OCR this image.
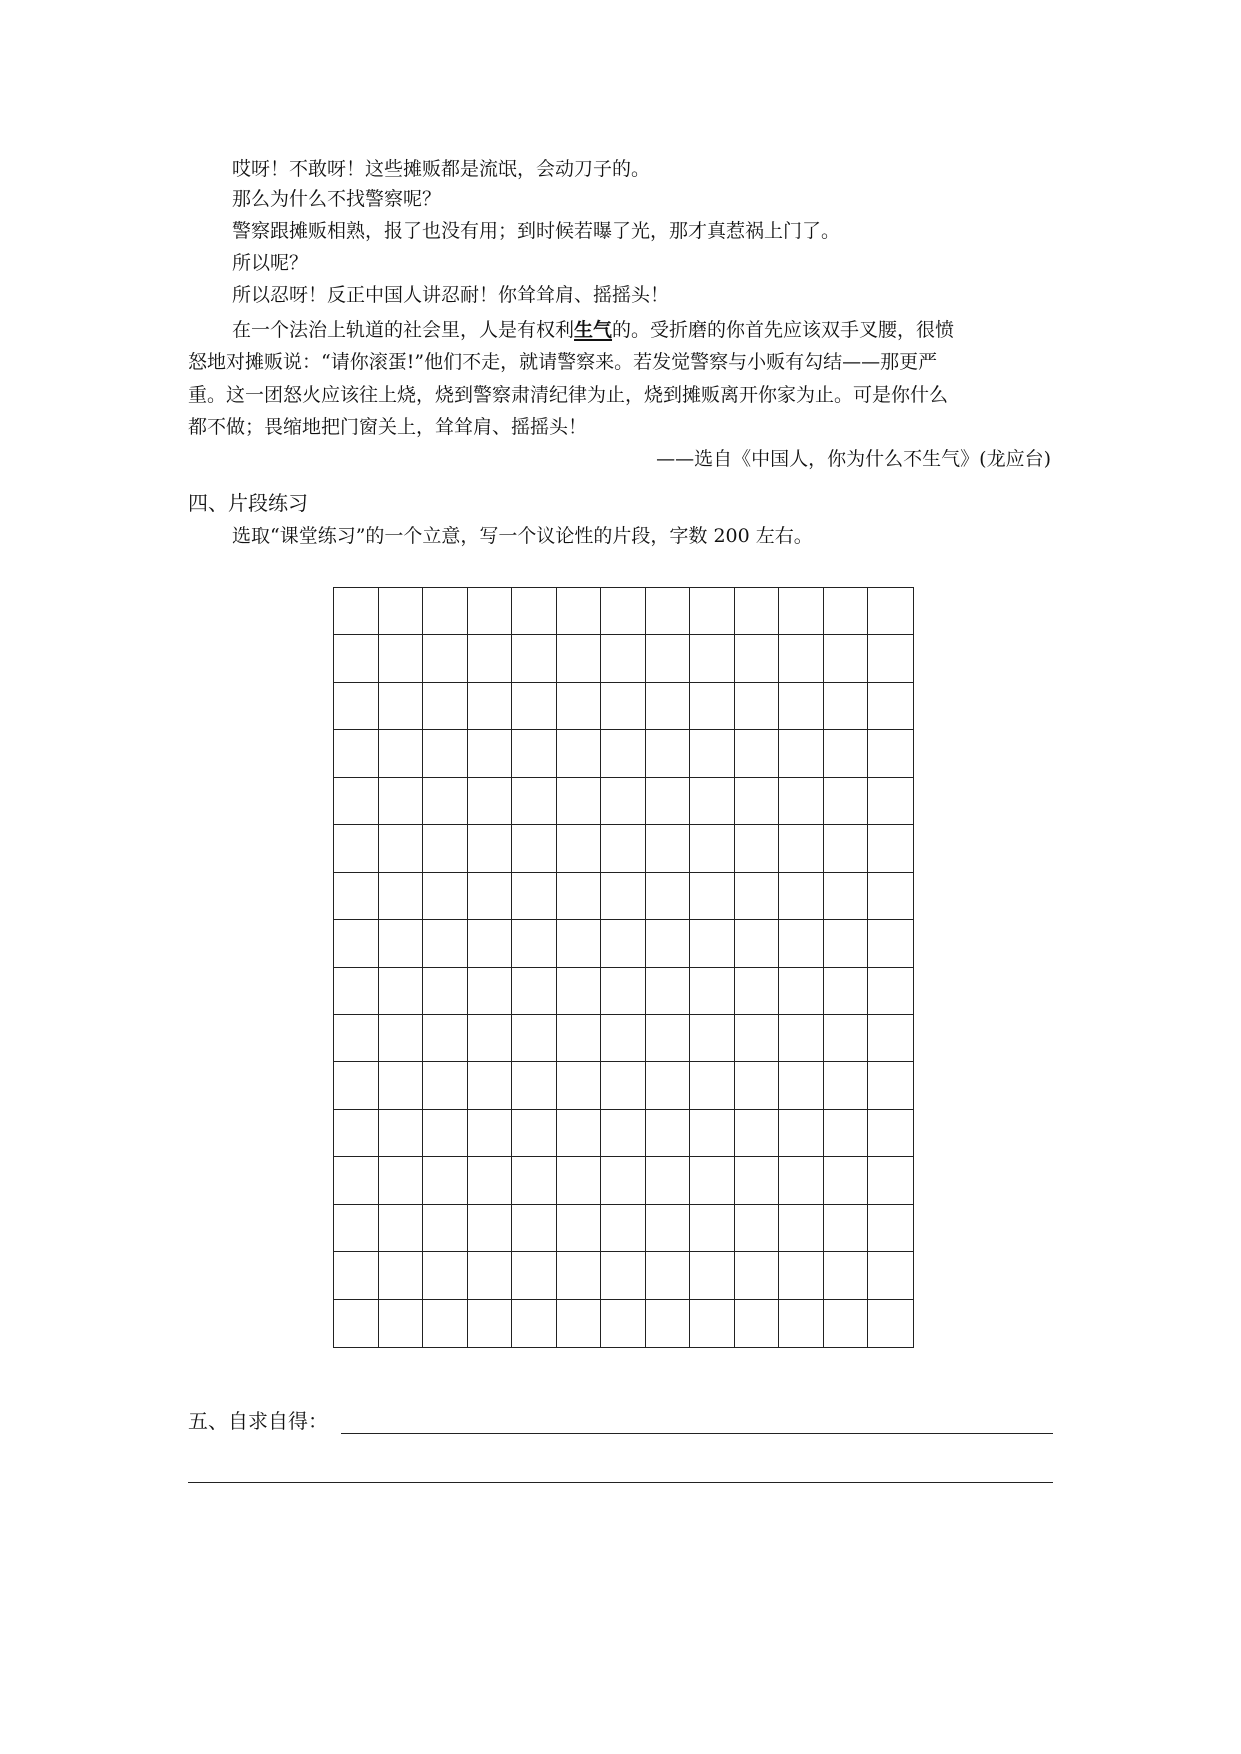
哎呀！不敢呀！这些摊贩都是流氓，会动刀子的。
那么为什么不找警察呢？
警察跟摊贩相熟，报了也没有用；到时候若曝了光，那才真惹祸上门了。
所以呢？
所以忍呀！反正中国人讲忍耐！你耸耸肩、摇摇头！
在一个法治上轨道的社会里，人是有权利生气的。受折磨的你首先应该双手叉腰，很愤
怒地对摊贩说：“请你滚蛋!”他们不走，就请警察来。若发觉警察与小贩有勾结——那更严
重。这一团怒火应该往上烧，烧到警察肃清纪律为止，烧到摊贩离开你家为止。可是你什么
都不做；畏缩地把门窗关上，耸耸肩、摇摇头！
——选自《中国人，你为什么不生气》(龙应台)
四、片段练习
选取“课堂练习”的一个立意，写一个议论性的片段，字数 200 左右。
五、自求自得：
